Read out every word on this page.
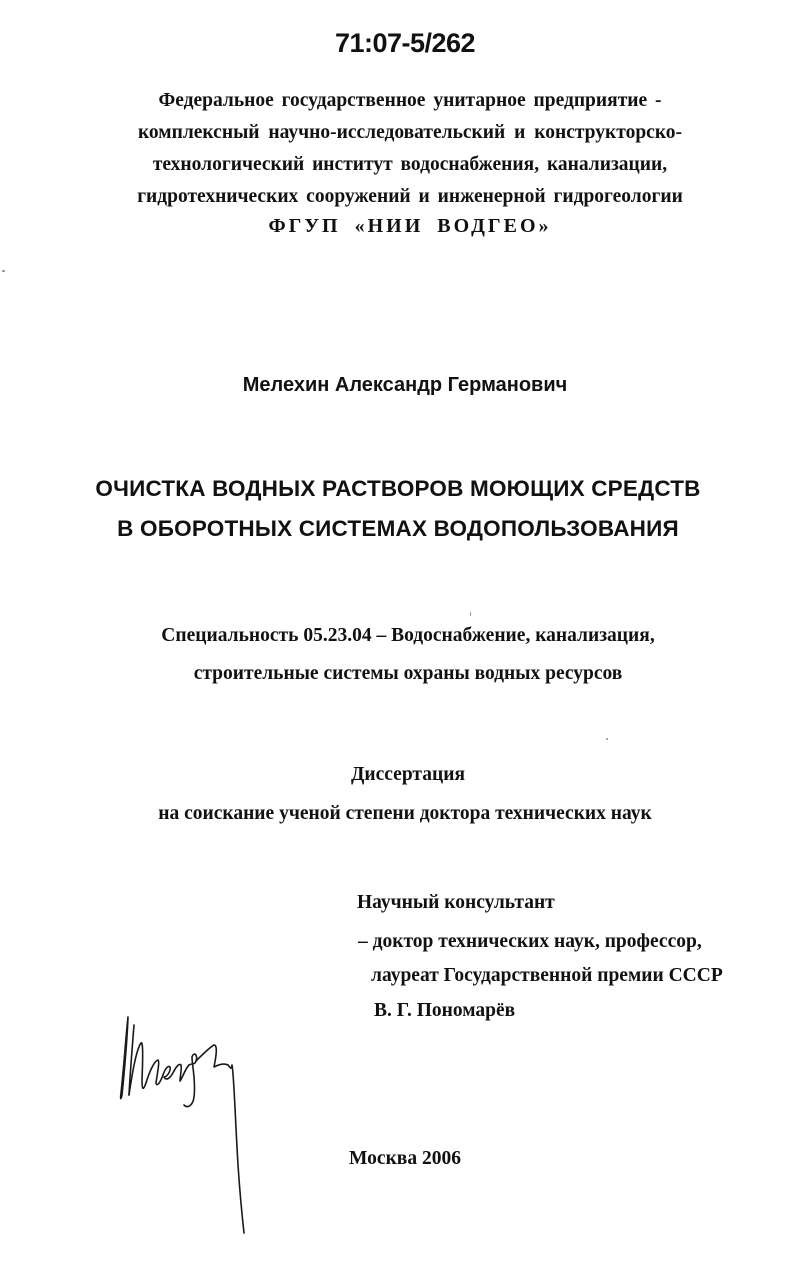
71:07-5/262
Федеральное государственное унитарное предприятие -
комплексный научно-исследовательский и конструкторско-
технологический институт водоснабжения, канализации,
гидротехнических сооружений и инженерной гидрогеологии
ФГУП «НИИ ВОДГЕО»
Мелехин Александр Германович
ОЧИСТКА ВОДНЫХ РАСТВОРОВ МОЮЩИХ СРЕДСТВ
В ОБОРОТНЫХ СИСТЕМАХ ВОДОПОЛЬЗОВАНИЯ
Специальность 05.23.04 – Водоснабжение, канализация,
строительные системы охраны водных ресурсов
Диссертация
на соискание ученой степени доктора технических наук
Научный консультант
– доктор технических наук, профессор,
лауреат Государственной премии СССР
В. Г. Пономарёв
Москва 2006
